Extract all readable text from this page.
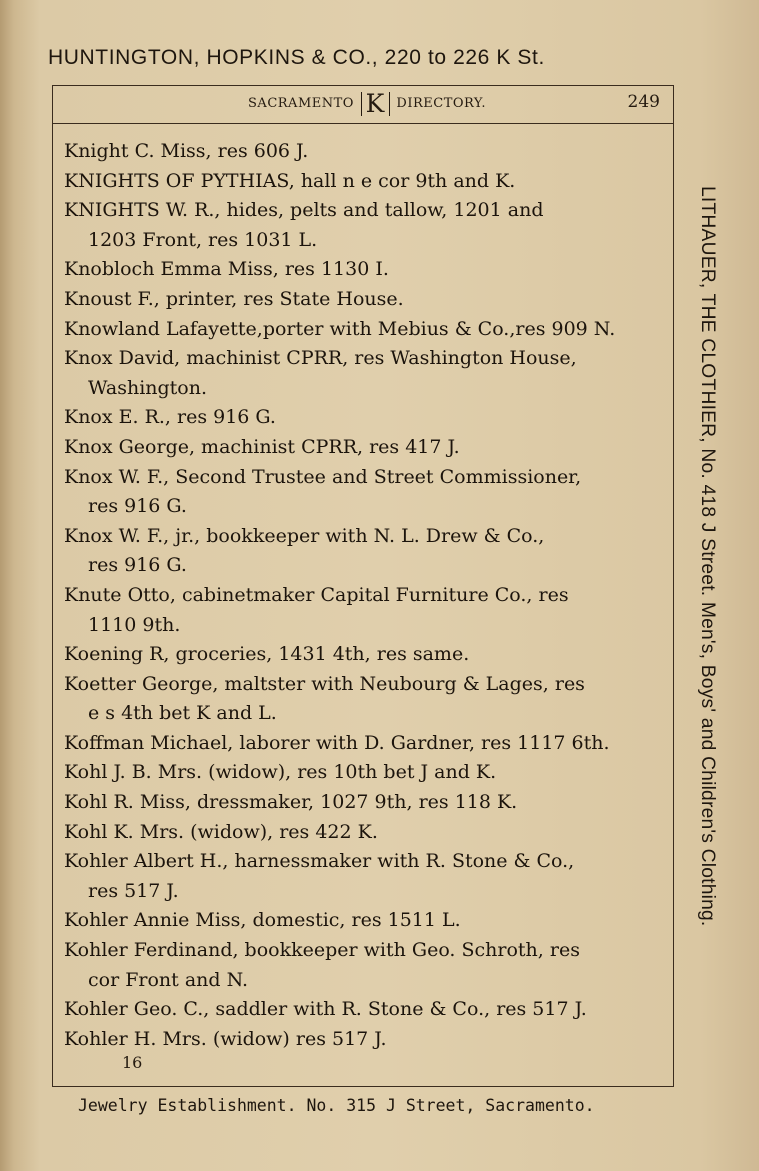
HUNTINGTON, HOPKINS & CO., 220 to 226 K St.
SACRAMENTO K DIRECTORY.	249
Knight C. Miss, res 606 J.
KNIGHTS OF PYTHIAS, hall n e cor 9th and K.
KNIGHTS W. R., hides, pelts and tallow, 1201 and
1203 Front, res 1031 L.
Knobloch Emma Miss, res 1130 I.
Knoust F., printer, res State House.
Knowland Lafayette,porter with Mebius & Co.,res 909 N.
Knox David, machinist CPRR, res Washington House,
Washington.
Knox E. R., res 916 G.
Knox George, machinist CPRR, res 417 J.
Knox W. F., Second Trustee and Street Commissioner,
res 916 G.
Knox W. F., jr., bookkeeper with N. L. Drew & Co.,
res 916 G.
Knute Otto, cabinetmaker Capital Furniture Co., res
1110 9th.
Koening R, groceries, 1431 4th, res same.
Koetter George, maltster with Neubourg & Lages, res
e s 4th bet K and L.
Koffman Michael, laborer with D. Gardner, res 1117 6th.
Kohl J. B. Mrs. (widow), res 10th bet J and K.
Kohl R. Miss, dressmaker, 1027 9th, res 118 K.
Kohl K. Mrs. (widow), res 422 K.
Kohler Albert H., harnessmaker with R. Stone & Co.,
res 517 J.
Kohler Annie Miss, domestic, res 1511 L.
Kohler Ferdinand, bookkeeper with Geo. Schroth, res
cor Front and N.
Kohler Geo. C., saddler with R. Stone & Co., res 517 J.
Kohler H. Mrs. (widow) res 517 J.
16
LITHAUER, THE CLOTHIER, No. 418 J Street. Men's, Boys' and Children's Clothing.
Jewelry Establishment. No. 315 J Street, Sacramento.
